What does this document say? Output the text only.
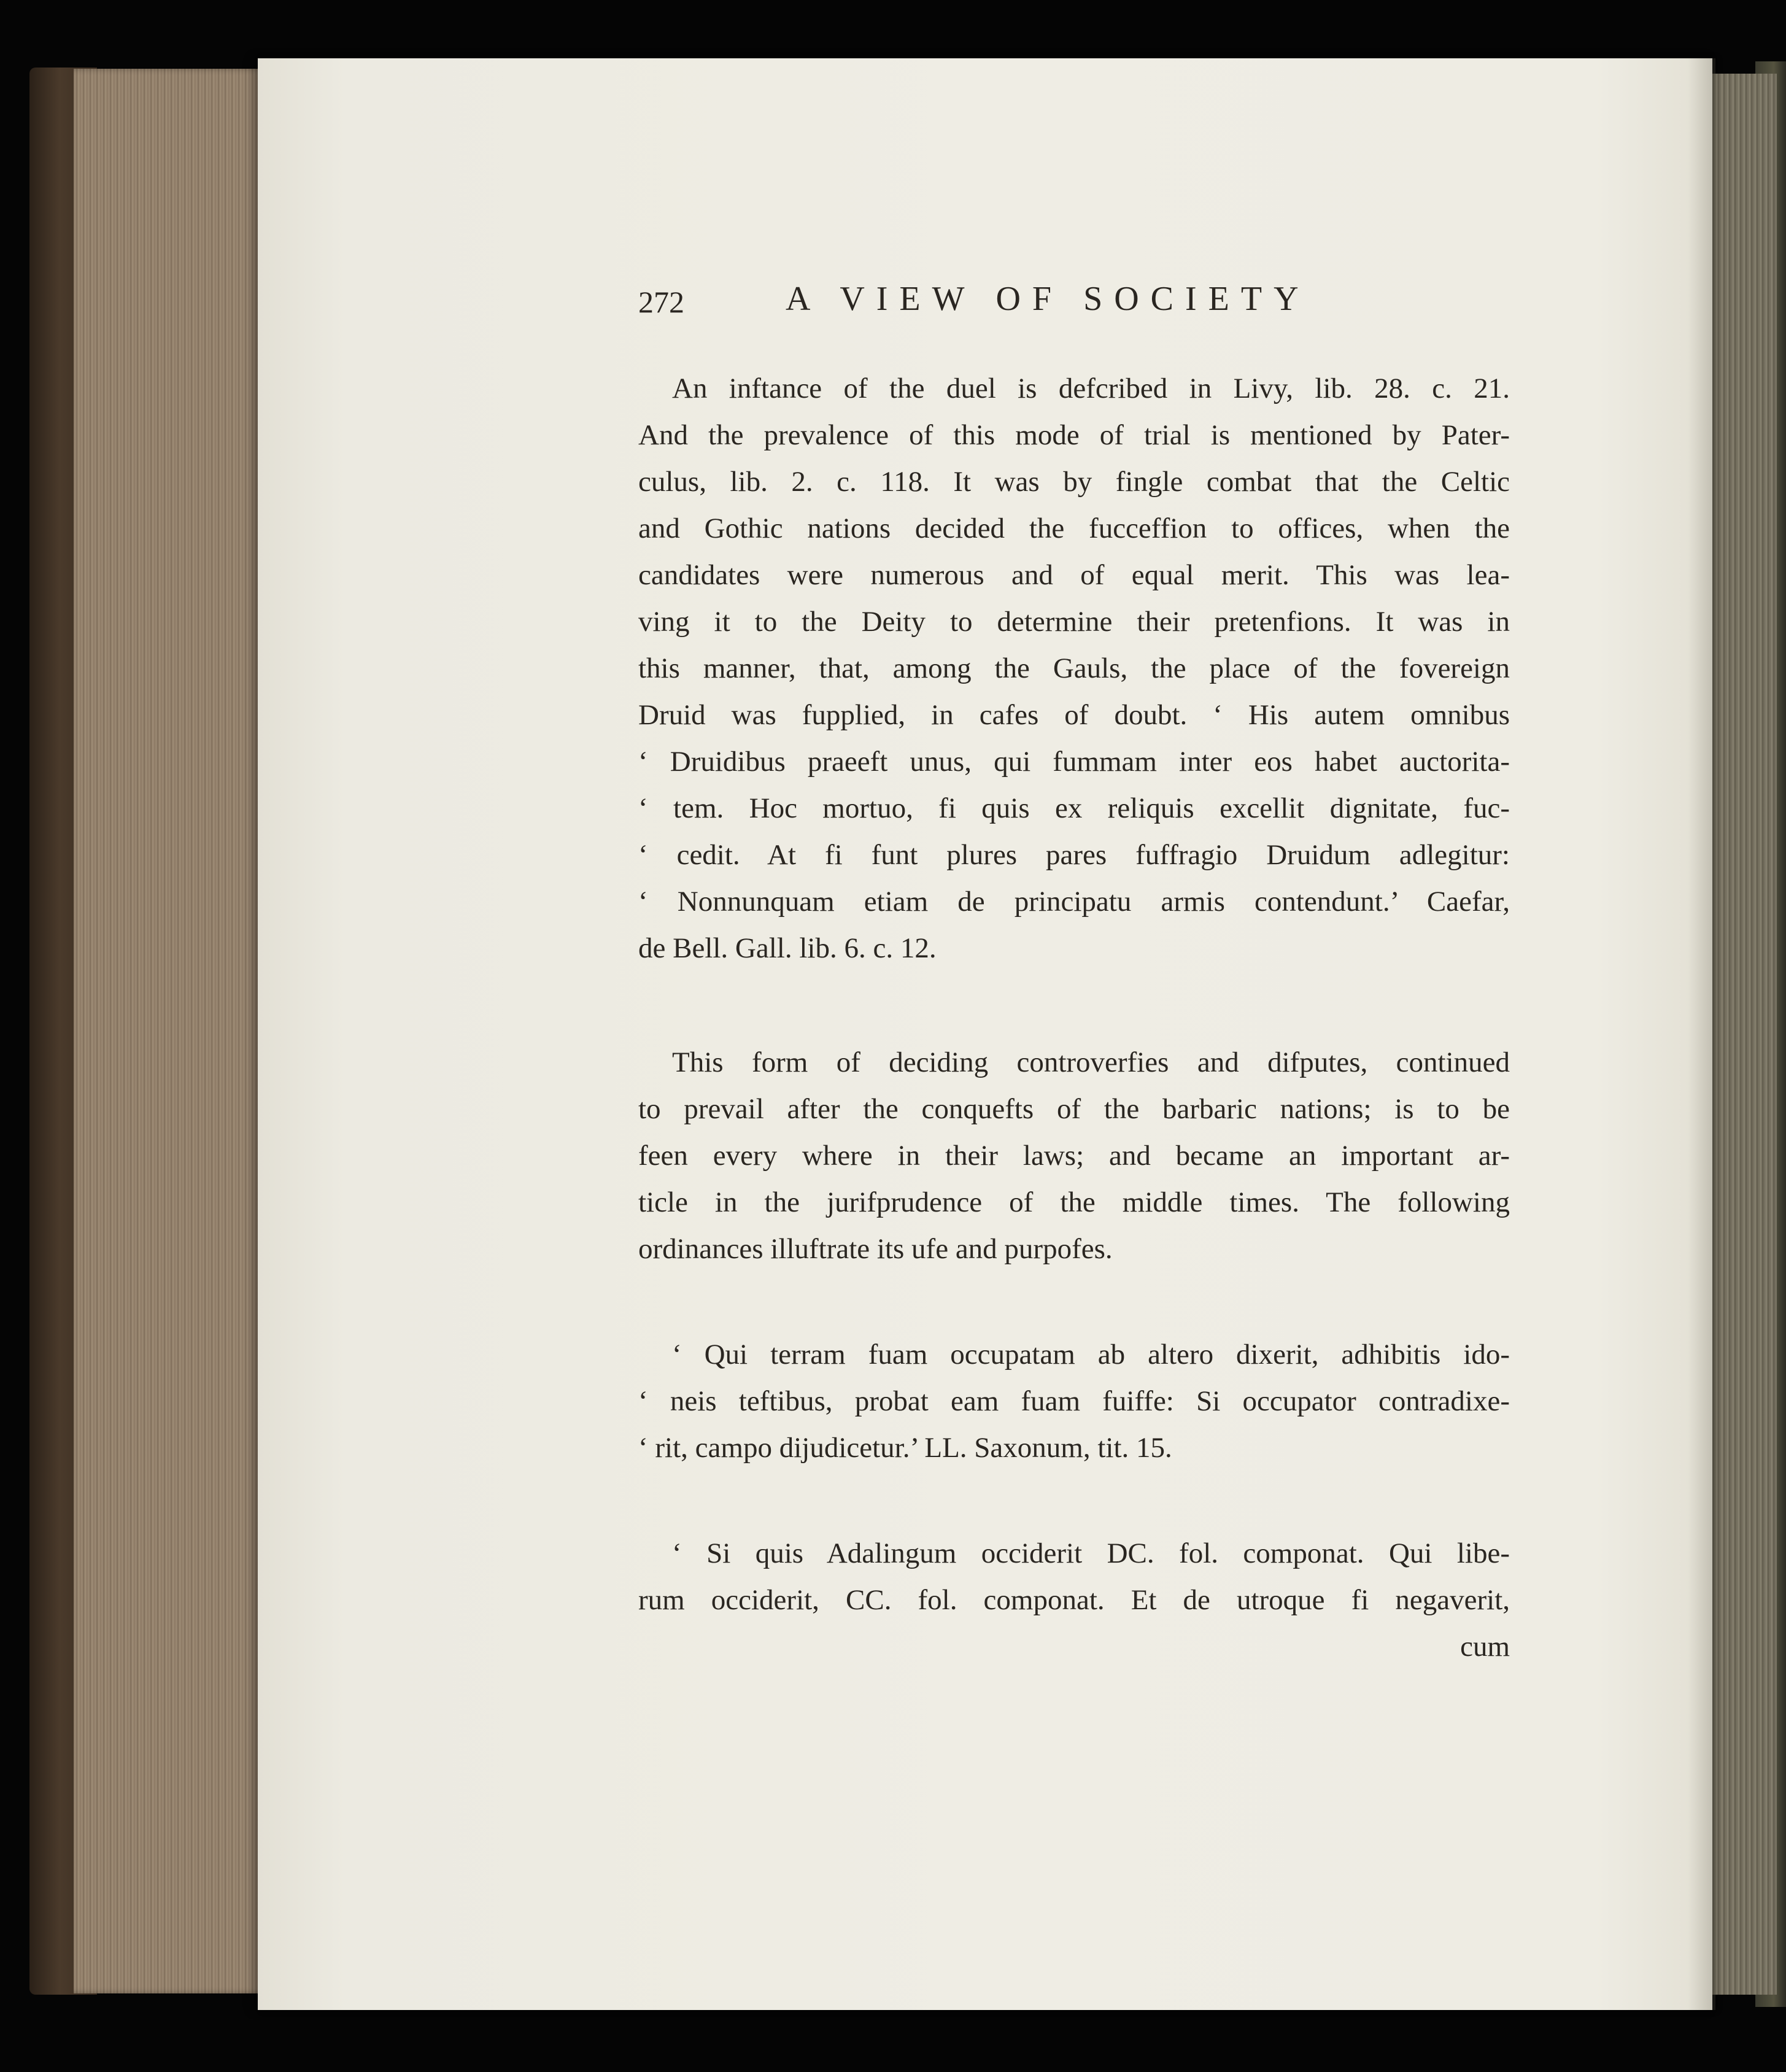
272	A VIEW OF SOCIETY
An inftance of the duel is defcribed in Livy, lib. 28. c. 21.
And the prevalence of this mode of trial is mentioned by Pater-
culus, lib. 2. c. 118. It was by fingle combat that the Celtic
and Gothic nations decided the fucceffion to offices, when the
candidates were numerous and of equal merit. This was lea-
ving it to the Deity to determine their pretenfions. It was in
this manner, that, among the Gauls, the place of the fovereign
Druid was fupplied, in cafes of doubt. ‘ His autem omnibus
‘ Druidibus praeeft unus, qui fummam inter eos habet auctorita-
‘ tem. Hoc mortuo, fi quis ex reliquis excellit dignitate, fuc-
‘ cedit. At fi funt plures pares fuffragio Druidum adlegitur:
‘ Nonnunquam etiam de principatu armis contendunt.’ Caefar,
de Bell. Gall. lib. 6. c. 12.
This form of deciding controverfies and difputes, continued
to prevail after the conquefts of the barbaric nations; is to be
feen every where in their laws; and became an important ar-
ticle in the jurifprudence of the middle times. The following
ordinances illuftrate its ufe and purpofes.
‘ Qui terram fuam occupatam ab altero dixerit, adhibitis ido-
‘ neis teftibus, probat eam fuam fuiffe: Si occupator contradixe-
‘ rit, campo dijudicetur.’ LL. Saxonum, tit. 15.
‘ Si quis Adalingum occiderit DC. fol. componat. Qui libe-
rum occiderit, CC. fol. componat. Et de utroque fi negaverit,
cum
